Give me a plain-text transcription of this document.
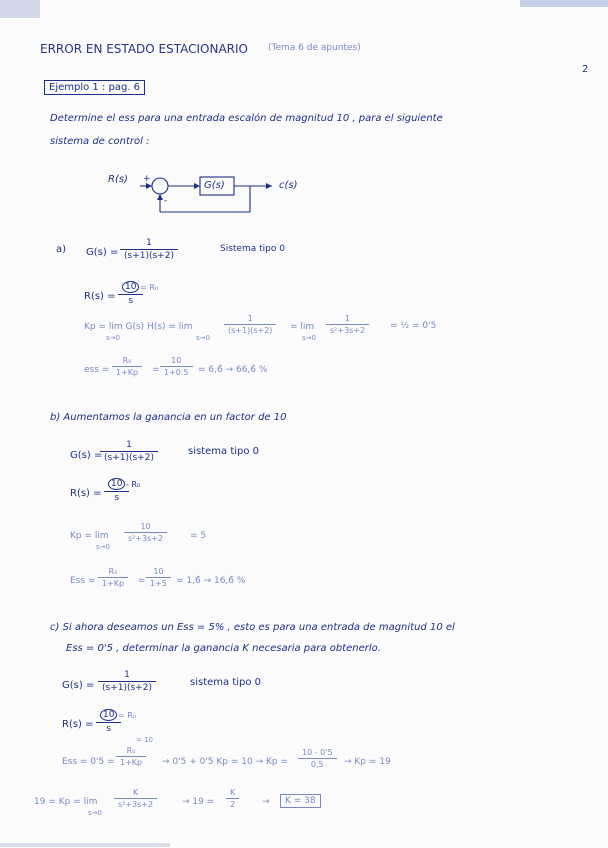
ERROR EN ESTADO ESTACIONARIO (Tema 6 de apuntes)
2
Ejemplo 1 : pag. 6
Determine el ess para una entrada escalón de magnitud 10 , para el siguiente
sistema de control :
R(s) +
-
G(s)	c(s)
a) $G(s) = \frac{1}{(s+1)(s+2)}$	Sistema tipo 0
$R(s) = \frac{10}{s}$
= R₀
Kp = lim G(s) H(s) = lim
s→0	s→0
$\frac{1}{(s+1)(s+2)} = \lim$
s→0
$\frac{1}{\text{s²+3s+2}}$ = ½ = 0'5
ess = $\frac{\text{R₀}}{1+Kp} = \frac{10}{1+0.5}$ = 6,6̂ → 66,6̂ %
b) Aumentamos la ganancia en un factor de 10
G(s) =
$\frac{1}{(s+1)(s+2)}$	sistema tipo 0
$R(s) = \frac{10}{s}$
- R₀
Kp = lim
s→0
$\frac{10}{\text{s²+3s+2}}$	= 5
Ess = $\frac{\text{R₀}}{1+Kp} = \frac{10}{1+5}$ = 1,6̂ → 16,6̂ %
c) Si ahora deseamos un Ess = 5% , esto es para una entrada de magnitud 10 el
Ess = 0'5 , determinar la ganancia K necesaria para obtenerlo.
$G(s) = \frac{1}{(s+1)(s+2)}$	sistema tipo 0
$R(s) = \frac{10}{s}$
= R₀
Ess = 0'5 =
= 10
$\frac{\text{R₀}}{1+Kp} \to 0'5 + 0'5$ $Kp = 10 \to Kp = \frac{10 - 0'5}{0,5} \to Kp = 19$
19 = Kp = lim
s→0
$\frac{K}{\text{s²+3s+2}}$	→ $19 = \frac{K}{2}$	→	K = 38
